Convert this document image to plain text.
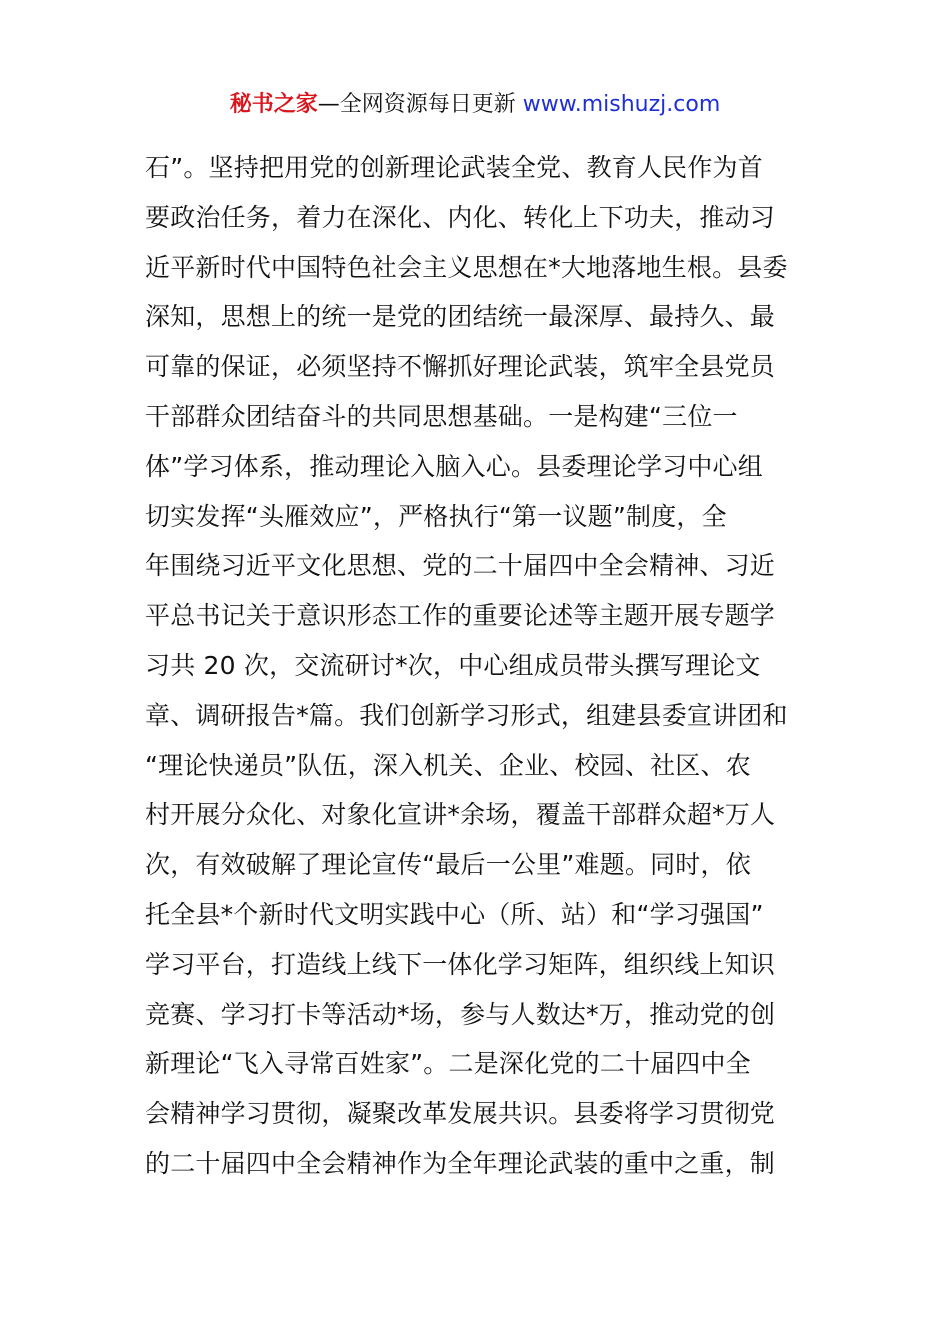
秘书之家—全网资源每日更新 www.mishuzj.com
石”。坚持把用党的创新理论武装全党、教育人民作为首
要政治任务，着力在深化、内化、转化上下功夫，推动习
近平新时代中国特色社会主义思想在*大地落地生根。县委
深知，思想上的统一是党的团结统一最深厚、最持久、最
可靠的保证，必须坚持不懈抓好理论武装，筑牢全县党员
干部群众团结奋斗的共同思想基础。一是构建“三位一
体”学习体系，推动理论入脑入心。县委理论学习中心组
切实发挥“头雁效应”，严格执行“第一议题”制度，全
年围绕习近平文化思想、党的二十届四中全会精神、习近
平总书记关于意识形态工作的重要论述等主题开展专题学
习共 20 次，交流研讨*次，中心组成员带头撰写理论文
章、调研报告*篇。我们创新学习形式，组建县委宣讲团和
“理论快递员”队伍，深入机关、企业、校园、社区、农
村开展分众化、对象化宣讲*余场，覆盖干部群众超*万人
次，有效破解了理论宣传“最后一公里”难题。同时，依
托全县*个新时代文明实践中心（所、站）和“学习强国”
学习平台，打造线上线下一体化学习矩阵，组织线上知识
竞赛、学习打卡等活动*场，参与人数达*万，推动党的创
新理论“飞入寻常百姓家”。二是深化党的二十届四中全
会精神学习贯彻，凝聚改革发展共识。县委将学习贯彻党
的二十届四中全会精神作为全年理论武装的重中之重，制
